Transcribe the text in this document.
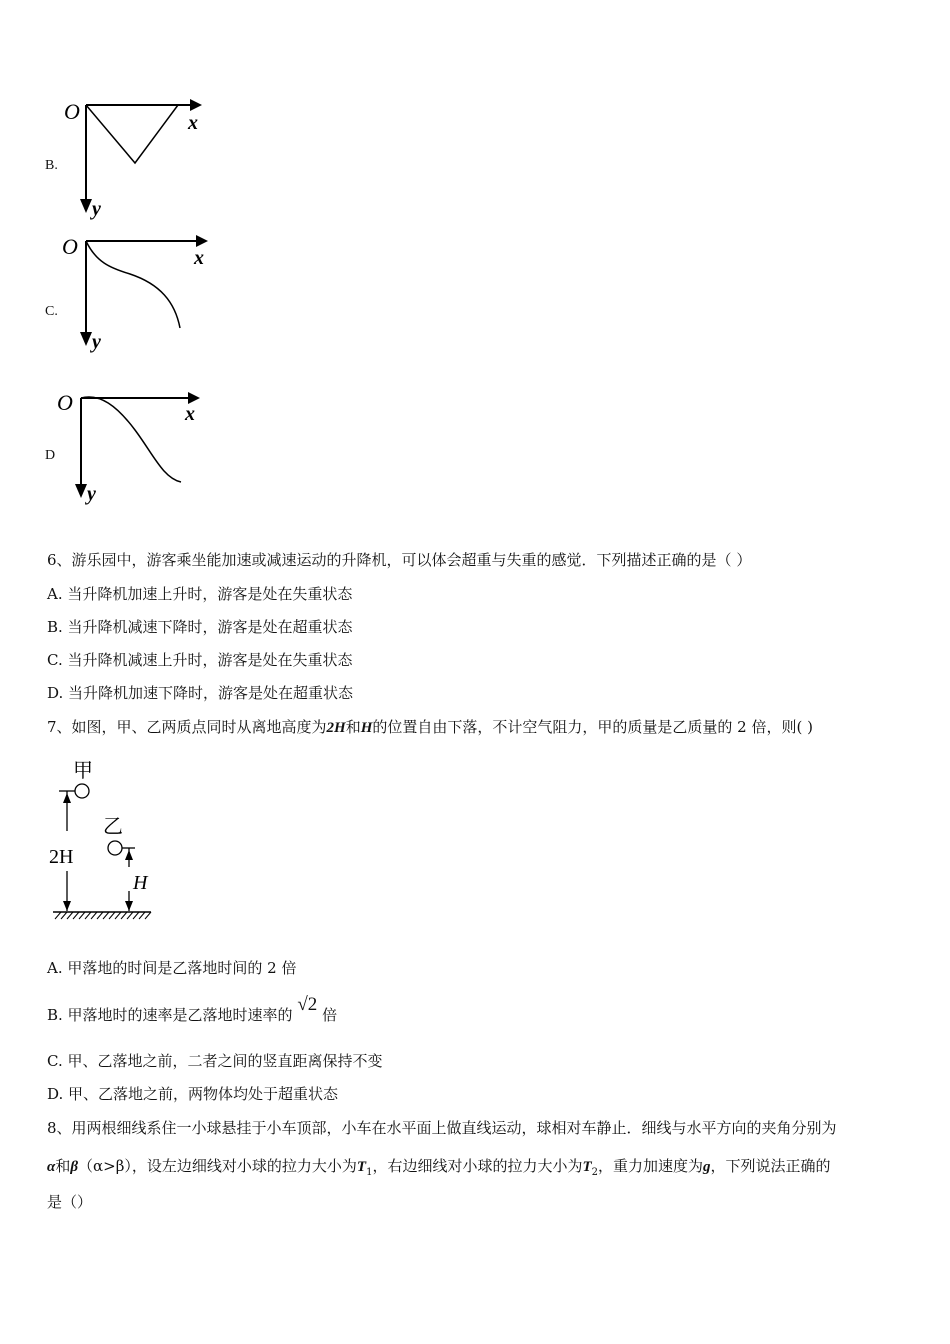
B.
O	x
y
C.
O	x
y
D
O	x
y
6、游乐园中，游客乘坐能加速或减速运动的升降机，可以体会超重与失重的感觉．下列描述正确的是（ ）
A. 当升降机加速上升时，游客是处在失重状态
B. 当升降机减速下降时，游客是处在超重状态
C. 当升降机减速上升时，游客是处在失重状态
D. 当升降机加速下降时，游客是处在超重状态
7、如图，甲、乙两质点同时从离地高度为2H和H的位置自由下落，不计空气阻力，甲的质量是乙质量的 2 倍，则( )
甲
2H
乙
H
A. 甲落地的时间是乙落地时间的 2 倍
B. 甲落地时的速率是乙落地时速率的 √2 倍
C. 甲、乙落地之前，二者之间的竖直距离保持不变
D. 甲、乙落地之前，两物体均处于超重状态
8、用两根细线系住一小球悬挂于小车顶部，小车在水平面上做直线运动，球相对车静止．细线与水平方向的夹角分别为
α和β（α>β），设左边细线对小球的拉力大小为$T_1$，右边细线对小球的拉力大小为$T_2$，重力加速度为g，下列说法正确的
是（）
